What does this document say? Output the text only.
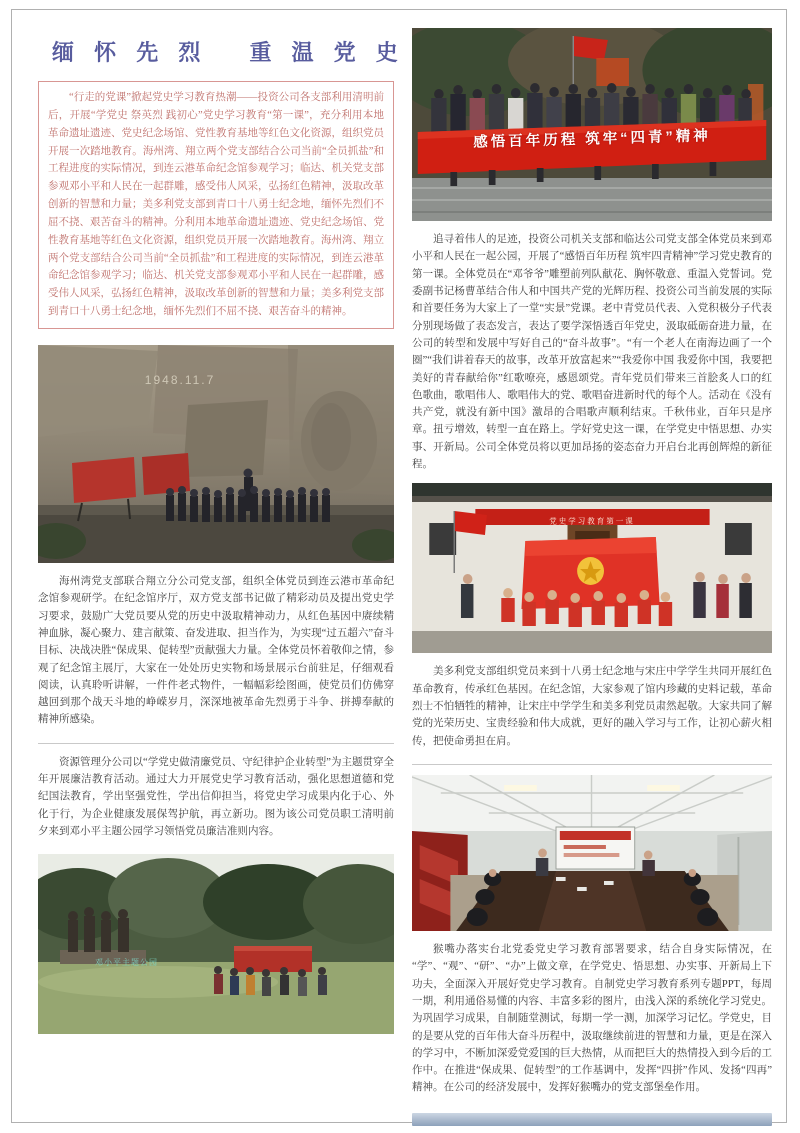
缅 怀 先 烈　 重 温 党 史
“行走的党课”掀起党史学习教育热潮——投资公司各支部利用清明前后，开展“学党史 祭英烈 践初心”党史学习教育“第一课”，充分利用本地革命遗址遗迹、党史纪念场馆、党性教育基地等红色文化资源，组织党员开展一次踏地教育。海州湾、翔立两个党支部结合公司当前“全员抓盐”和工程进度的实际情况，到连云港革命纪念馆参观学习；临达、机关党支部参观邓小平和人民在一起群雕，感受伟人风采，弘扬红色精神，汲取改革创新的智慧和力量；美多利党支部到青口十八勇士纪念地，缅怀先烈们不屈不挠、艰苦奋斗的精神。分利用本地革命遗址遗迹、党史纪念场馆、党性教育基地等红色文化资源，组织党员开展一次踏地教育。海州湾、翔立两个党支部结合公司当前“全员抓盐”和工程进度的实际情况，到连云港革命纪念馆参观学习；临达、机关党支部参观邓小平和人民在一起群雕，感受伟人风采，弘扬红色精神，汲取改革创新的智慧和力量；美多利党支部到青口十八勇士纪念地，缅怀先烈们不屈不挠、艰苦奋斗的精神。
1948.11.7

海州湾党支部联合翔立分公司党支部，组织全体党员到连云港市革命纪念馆参观研学。在纪念馆序厅，双方党支部书记做了精彩动员及提出党史学习要求，鼓励广大党员要从党的历史中汲取精神动力，从红色基因中赓续精神血脉，凝心聚力、建言献策、奋发进取、担当作为，为实现“过五超六”奋斗目标、决战决胜“保成果、促转型”贡献强大力量。全体党员怀着敬仰之情，参观了纪念馆主展厅，大家在一处处历史实物和场景展示台前驻足，仔细观看阅读，认真聆听讲解，一件件老式物件，一幅幅彩绘图画，使党员们仿佛穿越回到那个战天斗地的峥嵘岁月，深深地被革命先烈勇于斗争、拼搏奉献的精神所感染。

资源管理分公司以“学党史做清廉党员、守纪律护企业转型”为主题贯穿全年开展廉洁教育活动。通过大力开展党史学习教育活动，强化思想道德和党纪国法教育，学出坚强党性，学出信仰担当，将党史学习成果内化于心、外化于行，为企业健康发展保驾护航，再立新功。图为该公司党员职工清明前夕来到邓小平主题公园学习领悟党员廉洁准则内容。

邓小平主题公园
感悟百年历程 筑牢“四青”精神

追寻着伟人的足迹，投资公司机关支部和临达公司党支部全体党员来到邓小平和人民在一起公园，开展了“感悟百年历程 筑牢四青精神”学习党史教育的第一课。全体党员在“邓爷爷”雕塑前列队献花、胸怀敬意、重温入党誓词。党委副书记杨曹革结合伟人和中国共产党的光辉历程、投资公司当前发展的实际和首要任务为大家上了一堂“实景”党课。老中青党员代表、入党积极分子代表分别现场做了表态发言，表达了要学深悟透百年党史，汲取砥砺奋进力量，在公司的转型和发展中写好自己的“奋斗故事”。“有一个老人在南海边画了一个圈”“我们讲着春天的故事，改革开放富起来”“我爱你中国 我爱你中国，我要把美好的青春献给你”红歌嘹亮，感恩颂党。青年党员们带来三首脍炙人口的红色歌曲，歌唱伟人、歌唱伟大的党、歌唱奋进新时代的每个人。活动在《没有共产党，就没有新中国》激昂的合唱歌声顺利结束。千秋伟业，百年只是序章。扭亏增效，转型一直在路上。学好党史这一课，在学党史中悟思想、办实事、开新局。公司全体党员将以更加昂扬的姿态奋力开启台北再创辉煌的新征程。

党史学习教育第一课

美多利党支部组织党员来到十八勇士纪念地与宋庄中学学生共同开展红色革命教育，传承红色基因。在纪念馆，大家参观了馆内珍藏的史料记载，革命烈士不怕牺牲的精神，让宋庄中学学生和美多利党员肃然起敬。大家共同了解党的光荣历史、宝贵经验和伟大成就，更好的融入学习与工作，让初心薪火相传，把使命勇担在肩。

猴嘴办落实台北党委党史学习教育部署要求，结合自身实际情况，在“学”、“观”、“研”、“办”上做文章，在学党史、悟思想、办实事、开新局上下功夫，全面深入开展好党史学习教育。自制党史学习教育系列专题PPT，每周一期，利用通俗易懂的内容、丰富多彩的图片，由浅入深的系统化学习党史。为巩固学习成果，自制随堂测试，每期一学一测，加深学习记忆。学党史，目的是要从党的百年伟大奋斗历程中，汲取继续前进的智慧和力量，更是在深入的学习中，不断加深爱党爱国的巨大热情，从而把巨大的热情投入到今后的工作中。在推进“保成果、促转型”的工作基调中，发挥“四拼”作风、发扬“四再”精神。在公司的经济发展中，发挥好猴嘴办的党支部堡垒作用。
